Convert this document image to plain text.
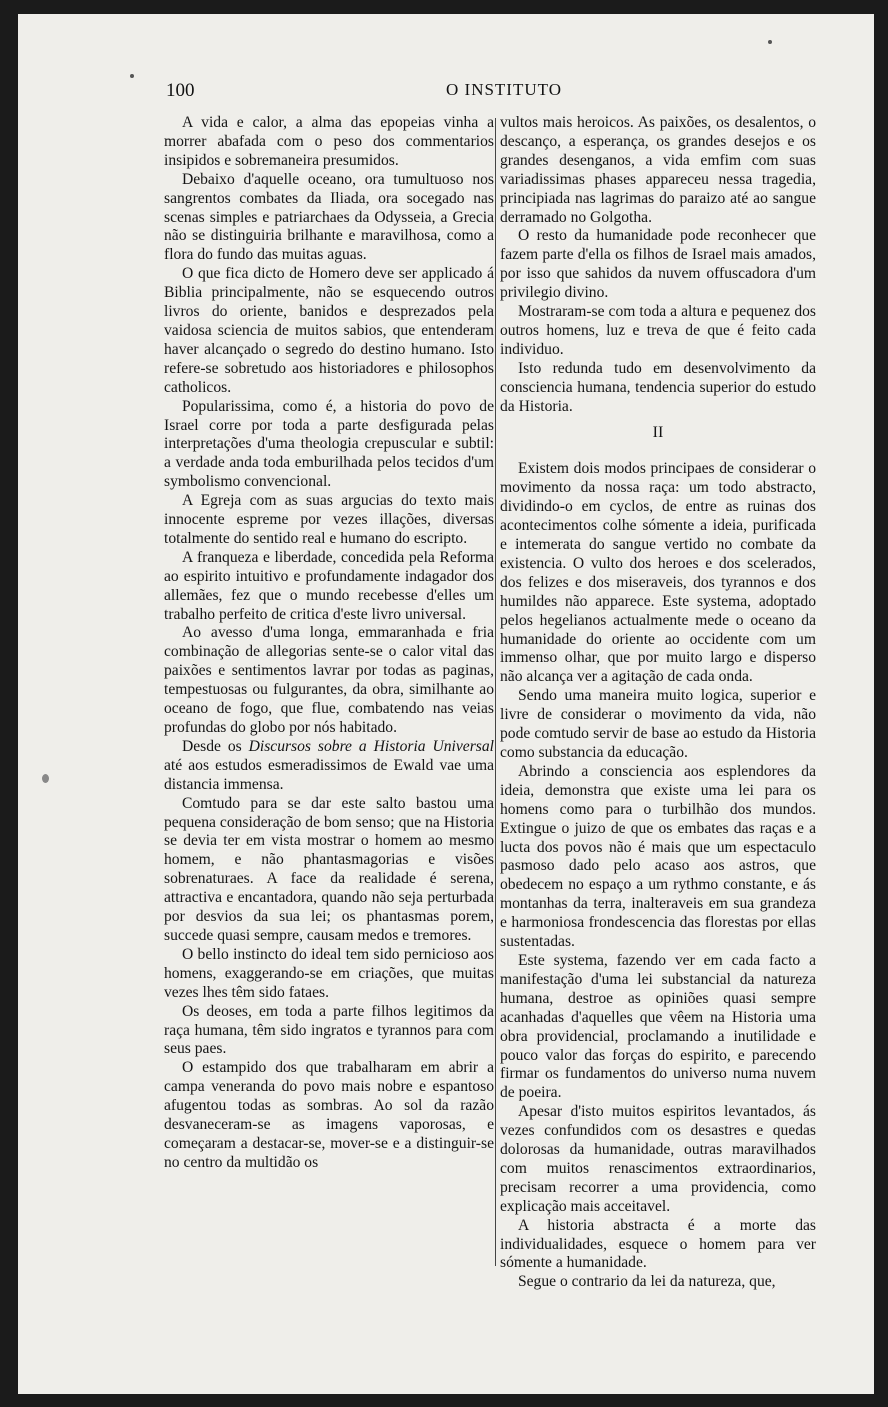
100	O INSTITUTO

A vida e calor, a alma das epopeias vinha a morrer abafada com o peso dos commentarios insipidos e sobremaneira presumidos.

Debaixo d'aquelle oceano, ora tumultuoso nos sangrentos combates da Iliada, ora socegado nas scenas simples e patriarchaes da Odysseia, a Grecia não se distinguiria brilhante e maravilhosa, como a flora do fundo das muitas aguas.

O que fica dicto de Homero deve ser applicado á Biblia principalmente, não se esquecendo outros livros do oriente, banidos e desprezados pela vaidosa sciencia de muitos sabios, que entenderam haver alcançado o segredo do destino humano. Isto refere-se sobretudo aos historiadores e philosophos catholicos.

Popularissima, como é, a historia do povo de Israel corre por toda a parte desfigurada pelas interpretações d'uma theologia crepuscular e subtil: a verdade anda toda emburilhada pelos tecidos d'um symbolismo convencional.

A Egreja com as suas argucias do texto mais innocente espreme por vezes illações, diversas totalmente do sentido real e humano do escripto.

A franqueza e liberdade, concedida pela Reforma ao espirito intuitivo e profundamente indagador dos allemães, fez que o mundo recebesse d'elles um trabalho perfeito de critica d'este livro universal.

Ao avesso d'uma longa, emmaranhada e fria combinação de allegorias sente-se o calor vital das paixões e sentimentos lavrar por todas as paginas, tempestuosas ou fulgurantes, da obra, similhante ao oceano de fogo, que flue, combatendo nas veias profundas do globo por nós habitado.

Desde os Discursos sobre a Historia Universal até aos estudos esmeradissimos de Ewald vae uma distancia immensa.

Comtudo para se dar este salto bastou uma pequena consideração de bom senso; que na Historia se devia ter em vista mostrar o homem ao mesmo homem, e não phantasmagorias e visões sobrenaturaes. A face da realidade é serena, attractiva e encantadora, quando não seja perturbada por desvios da sua lei; os phantasmas porem, succede quasi sempre, causam medos e tremores.

O bello instincto do ideal tem sido pernicioso aos homens, exaggerando-se em criações, que muitas vezes lhes têm sido fataes.

Os deoses, em toda a parte filhos legitimos da raça humana, têm sido ingratos e tyrannos para com seus paes.

O estampido dos que trabalharam em abrir a campa veneranda do povo mais nobre e espantoso afugentou todas as sombras. Ao sol da razão desvaneceram-se as imagens vaporosas, e começaram a destacar-se, mover-se e a distinguir-se no centro da multidão os

vultos mais heroicos. As paixões, os desalentos, o descanço, a esperança, os grandes desejos e os grandes desenganos, a vida emfim com suas variadissimas phases appareceu nessa tragedia, principiada nas lagrimas do paraizo até ao sangue derramado no Golgotha.

O resto da humanidade pode reconhecer que fazem parte d'ella os filhos de Israel mais amados, por isso que sahidos da nuvem offuscadora d'um privilegio divino.

Mostraram-se com toda a altura e pequenez dos outros homens, luz e treva de que é feito cada individuo.

Isto redunda tudo em desenvolvimento da consciencia humana, tendencia superior do estudo da Historia.

II

Existem dois modos principaes de considerar o movimento da nossa raça: um todo abstracto, dividindo-o em cyclos, de entre as ruinas dos acontecimentos colhe sómente a ideia, purificada e intemerata do sangue vertido no combate da existencia. O vulto dos heroes e dos scelerados, dos felizes e dos miseraveis, dos tyrannos e dos humildes não apparece. Este systema, adoptado pelos hegelianos actualmente mede o oceano da humanidade do oriente ao occidente com um immenso olhar, que por muito largo e disperso não alcança ver a agitação de cada onda.

Sendo uma maneira muito logica, superior e livre de considerar o movimento da vida, não pode comtudo servir de base ao estudo da Historia como substancia da educação.

Abrindo a consciencia aos esplendores da ideia, demonstra que existe uma lei para os homens como para o turbilhão dos mundos. Extingue o juizo de que os embates das raças e a lucta dos povos não é mais que um espectaculo pasmoso dado pelo acaso aos astros, que obedecem no espaço a um rythmo constante, e ás montanhas da terra, inalteraveis em sua grandeza e harmoniosa frondescencia das florestas por ellas sustentadas.

Este systema, fazendo ver em cada facto a manifestação d'uma lei substancial da natureza humana, destroe as opiniões quasi sempre acanhadas d'aquelles que vêem na Historia uma obra providencial, proclamando a inutilidade e pouco valor das forças do espirito, e parecendo firmar os fundamentos do universo numa nuvem de poeira.

Apesar d'isto muitos espiritos levantados, ás vezes confundidos com os desastres e quedas dolorosas da humanidade, outras maravilhados com muitos renascimentos extraordinarios, precisam recorrer a uma providencia, como explicação mais acceitavel.

A historia abstracta é a morte das individualidades, esquece o homem para ver sómente a humanidade.

Segue o contrario da lei da natureza, que,
